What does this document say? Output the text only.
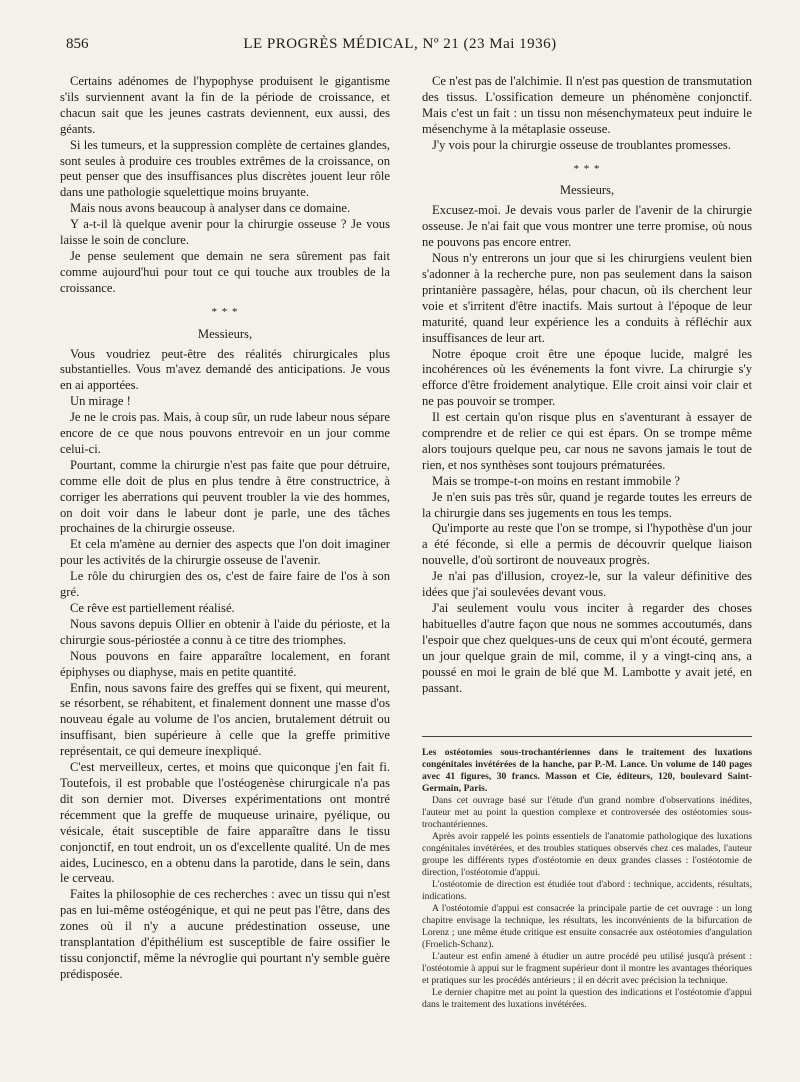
856	LE PROGRÈS MÉDICAL, Nº 21 (23 Mai 1936)

Certains adénomes de l'hypophyse produisent le gigantisme s'ils surviennent avant la fin de la période de croissance, et chacun sait que les jeunes castrats deviennent, eux aussi, des géants.

Si les tumeurs, et la suppression complète de certaines glandes, sont seules à produire ces troubles extrêmes de la croissance, on peut penser que des insuffisances plus discrètes jouent leur rôle dans une pathologie squelettique moins bruyante.

Mais nous avons beaucoup à analyser dans ce domaine.

Y a-t-il là quelque avenir pour la chirurgie osseuse ? Je vous laisse le soin de conclure.

Je pense seulement que demain ne sera sûrement pas fait comme aujourd'hui pour tout ce qui touche aux troubles de la croissance.

* * *

Messieurs,

Vous voudriez peut-être des réalités chirurgicales plus substantielles. Vous m'avez demandé des anticipations. Je vous en ai apportées.

Un mirage !

Je ne le crois pas. Mais, à coup sûr, un rude labeur nous sépare encore de ce que nous pouvons entrevoir en un jour comme celui-ci.

Pourtant, comme la chirurgie n'est pas faite que pour détruire, comme elle doit de plus en plus tendre à être constructrice, à corriger les aberrations qui peuvent troubler la vie des hommes, on doit voir dans le labeur dont je parle, une des tâches prochaines de la chirurgie osseuse.

Et cela m'amène au dernier des aspects que l'on doit imaginer pour les activités de la chirurgie osseuse de l'avenir.

Le rôle du chirurgien des os, c'est de faire faire de l'os à son gré.

Ce rêve est partiellement réalisé.

Nous savons depuis Ollier en obtenir à l'aide du périoste, et la chirurgie sous-périostée a connu à ce titre des triomphes.

Nous pouvons en faire apparaître localement, en forant épiphyses ou diaphyse, mais en petite quantité.

Enfin, nous savons faire des greffes qui se fixent, qui meurent, se résorbent, se réhabitent, et finalement donnent une masse d'os nouveau égale au volume de l'os ancien, brutalement détruit ou insuffisant, bien supérieure à celle que la greffe primitive représentait, ce qui demeure inexpliqué.

C'est merveilleux, certes, et moins que quiconque j'en fait fi. Toutefois, il est probable que l'ostéogenèse chirurgicale n'a pas dit son dernier mot. Diverses expérimentations ont montré récemment que la greffe de muqueuse urinaire, pyélique, ou vésicale, était susceptible de faire apparaître dans le tissu conjonctif, en tout endroit, un os d'excellente qualité. Un de mes aides, Lucinesco, en a obtenu dans la parotide, dans le sein, dans le cerveau.

Faites la philosophie de ces recherches : avec un tissu qui n'est pas en lui-même ostéogénique, et qui ne peut pas l'être, dans des zones où il n'y a aucune prédestination osseuse, une transplantation d'épithélium est susceptible de faire ossifier le tissu conjonctif, même la névroglie qui pourtant n'y semble guère prédisposée.

Ce n'est pas de l'alchimie. Il n'est pas question de transmutation des tissus. L'ossification demeure un phénomène conjonctif. Mais c'est un fait : un tissu non mésenchymateux peut induire le mésenchyme à la métaplasie osseuse.

J'y vois pour la chirurgie osseuse de troublantes promesses.

* * *

Messieurs,

Excusez-moi. Je devais vous parler de l'avenir de la chirurgie osseuse. Je n'ai fait que vous montrer une terre promise, où nous ne pouvons pas encore entrer.

Nous n'y entrerons un jour que si les chirurgiens veulent bien s'adonner à la recherche pure, non pas seulement dans la saison printanière passagère, hélas, pour chacun, où ils cherchent leur voie et s'irritent d'être inactifs. Mais surtout à l'époque de leur maturité, quand leur expérience les a conduits à réfléchir aux insuffisances de leur art.

Notre époque croit être une époque lucide, malgré les incohérences où les événements la font vivre. La chirurgie s'y efforce d'être froidement analytique. Elle croit ainsi voir clair et ne pas pouvoir se tromper.

Il est certain qu'on risque plus en s'aventurant à essayer de comprendre et de relier ce qui est épars. On se trompe même alors toujours quelque peu, car nous ne savons jamais le tout de rien, et nos synthèses sont toujours prématurées.

Mais se trompe-t-on moins en restant immobile ?

Je n'en suis pas très sûr, quand je regarde toutes les erreurs de la chirurgie dans ses jugements en tous les temps.

Qu'importe au reste que l'on se trompe, si l'hypothèse d'un jour a été féconde, si elle a permis de découvrir quelque liaison nouvelle, d'où sortiront de nouveaux progrès.

Je n'ai pas d'illusion, croyez-le, sur la valeur définitive des idées que j'ai soulevées devant vous.

J'ai seulement voulu vous inciter à regarder des choses habituelles d'autre façon que nous ne sommes accoutumés, dans l'espoir que chez quelques-uns de ceux qui m'ont écouté, germera un jour quelque grain de mil, comme, il y a vingt-cinq ans, a poussé en moi le grain de blé que M. Lambotte y avait jeté, en passant.

Les ostéotomies sous-trochantériennes dans le traitement des luxations congénitales invétérées de la hanche, par P.-M. Lance. Un volume de 140 pages avec 41 figures, 30 francs. Masson et Cie, éditeurs, 120, boulevard Saint-Germain, Paris.

Dans cet ouvrage basé sur l'étude d'un grand nombre d'observations inédites, l'auteur met au point la question complexe et controversée des ostéotomies sous-trochantériennes.

Après avoir rappelé les points essentiels de l'anatomie pathologique des luxations congénitales invétérées, et des troubles statiques observés chez ces malades, l'auteur groupe les différents types d'ostéotomie en deux grandes classes : l'ostéotomie de direction, l'ostéotomie d'appui.

L'ostéotomie de direction est étudiée tout d'abord : technique, accidents, résultats, indications.

A l'ostéotomie d'appui est consacrée la principale partie de cet ouvrage : un long chapitre envisage la technique, les résultats, les inconvénients de la bifurcation de Lorenz ; une même étude critique est ensuite consacrée aux ostéotomies d'angulation (Froelich-Schanz).

L'auteur est enfin amené à étudier un autre procédé peu utilisé jusqu'à présent : l'ostéotomie à appui sur le fragment supérieur dont il montre les avantages théoriques et pratiques sur les procédés antérieurs ; il en décrit avec précision la technique.

Le dernier chapitre met au point la question des indications et l'ostéotomie d'appui dans le traitement des luxations invétérées.
